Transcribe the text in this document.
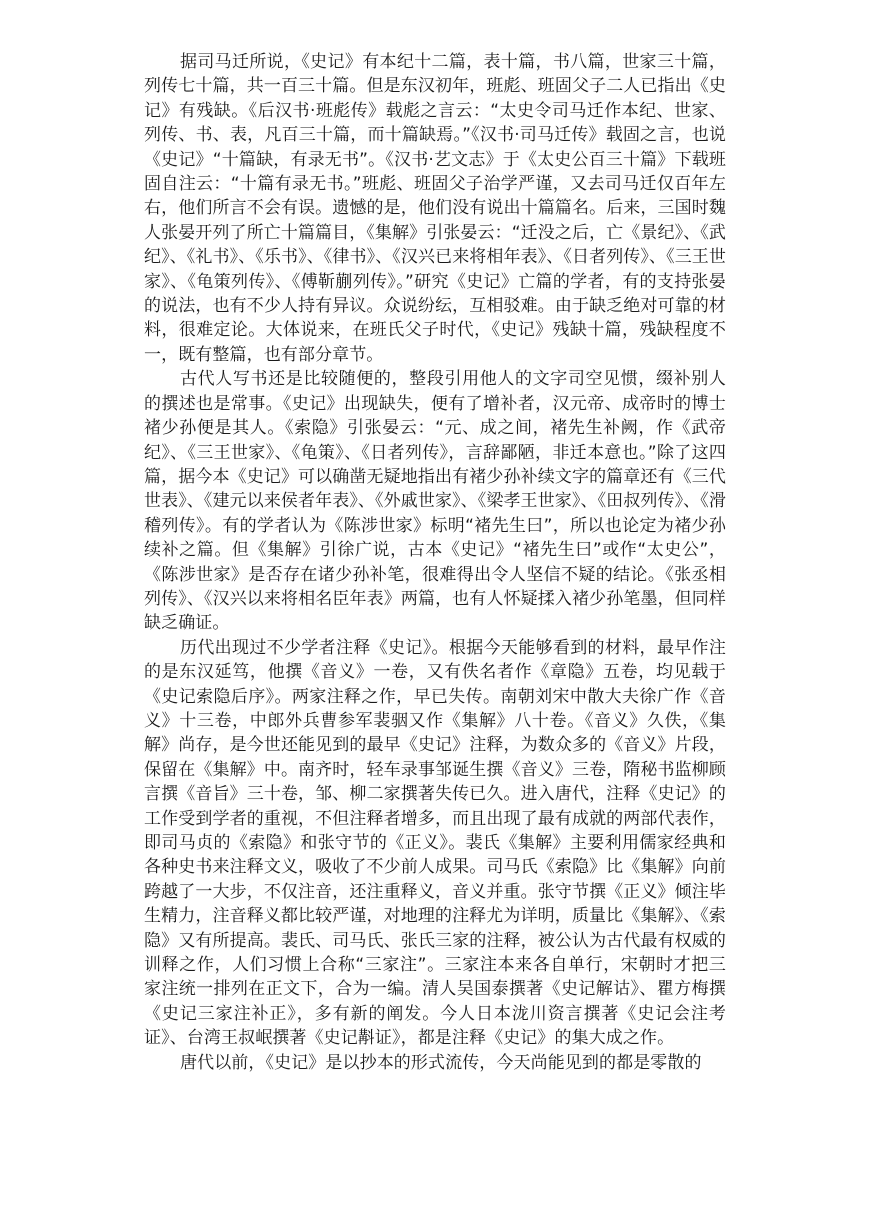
据司马迁所说，《史记》有本纪十二篇，表十篇，书八篇，世家三十篇，列传七十篇，共一百三十篇。但是东汉初年，班彪、班固父子二人已指出《史记》有残缺。《后汉书·班彪传》载彪之言云：“太史令司马迁作本纪、世家、列传、书、表，凡百三十篇，而十篇缺焉。”《汉书·司马迁传》载固之言，也说《史记》“十篇缺，有录无书”。《汉书·艺文志》于《太史公百三十篇》下载班固自注云：“十篇有录无书。”班彪、班固父子治学严谨，又去司马迁仅百年左右，他们所言不会有误。遗憾的是，他们没有说出十篇篇名。后来，三国时魏人张晏开列了所亡十篇篇目，《集解》引张晏云：“迁没之后，亡《景纪》、《武纪》、《礼书》、《乐书》、《律书》、《汉兴已来将相年表》、《日者列传》、《三王世家》、《龟策列传》、《傅靳蒯列传》。”研究《史记》亡篇的学者，有的支持张晏的说法，也有不少人持有异议。众说纷纭，互相驳难。由于缺乏绝对可靠的材料，很难定论。大体说来，在班氏父子时代，《史记》残缺十篇，残缺程度不一，既有整篇，也有部分章节。

古代人写书还是比较随便的，整段引用他人的文字司空见惯，缀补别人的撰述也是常事。《史记》出现缺失，便有了增补者，汉元帝、成帝时的博士褚少孙便是其人。《索隐》引张晏云：“元、成之间，褚先生补阙，作《武帝纪》、《三王世家》、《龟策》、《日者列传》，言辞鄙陋，非迁本意也。”除了这四篇，据今本《史记》可以确凿无疑地指出有褚少孙补续文字的篇章还有《三代世表》、《建元以来侯者年表》、《外戚世家》、《梁孝王世家》、《田叔列传》、《滑稽列传》。有的学者认为《陈涉世家》标明“褚先生曰”，所以也论定为褚少孙续补之篇。但《集解》引徐广说，古本《史记》“褚先生曰”或作“太史公”，《陈涉世家》是否存在诸少孙补笔，很难得出令人坚信不疑的结论。《张丞相列传》、《汉兴以来将相名臣年表》两篇，也有人怀疑揉入褚少孙笔墨，但同样缺乏确证。

历代出现过不少学者注释《史记》。根据今天能够看到的材料，最早作注的是东汉延笃，他撰《音义》一卷，又有佚名者作《章隐》五卷，均见载于《史记索隐后序》。两家注释之作，早已失传。南朝刘宋中散大夫徐广作《音义》十三卷，中郎外兵曹参军裴骃又作《集解》八十卷。《音义》久佚，《集解》尚存，是今世还能见到的最早《史记》注释，为数众多的《音义》片段，保留在《集解》中。南齐时，轻车录事邹诞生撰《音义》三卷，隋秘书监柳顾言撰《音旨》三十卷，邹、柳二家撰著失传已久。进入唐代，注释《史记》的工作受到学者的重视，不但注释者增多，而且出现了最有成就的两部代表作，即司马贞的《索隐》和张守节的《正义》。裴氏《集解》主要利用儒家经典和各种史书来注释文义，吸收了不少前人成果。司马氏《索隐》比《集解》向前跨越了一大步，不仅注音，还注重释义，音义并重。张守节撰《正义》倾注毕生精力，注音释义都比较严谨，对地理的注释尤为详明，质量比《集解》、《索隐》又有所提高。裴氏、司马氏、张氏三家的注释，被公认为古代最有权威的训释之作，人们习惯上合称“三家注”。三家注本来各自单行，宋朝时才把三家注统一排列在正文下，合为一编。清人吴国泰撰著《史记解诂》、瞿方梅撰《史记三家注补正》，多有新的阐发。今人日本泷川资言撰著《史记会注考证》、台湾王叔岷撰著《史记斠证》，都是注释《史记》的集大成之作。

唐代以前，《史记》是以抄本的形式流传，今天尚能见到的都是零散的
